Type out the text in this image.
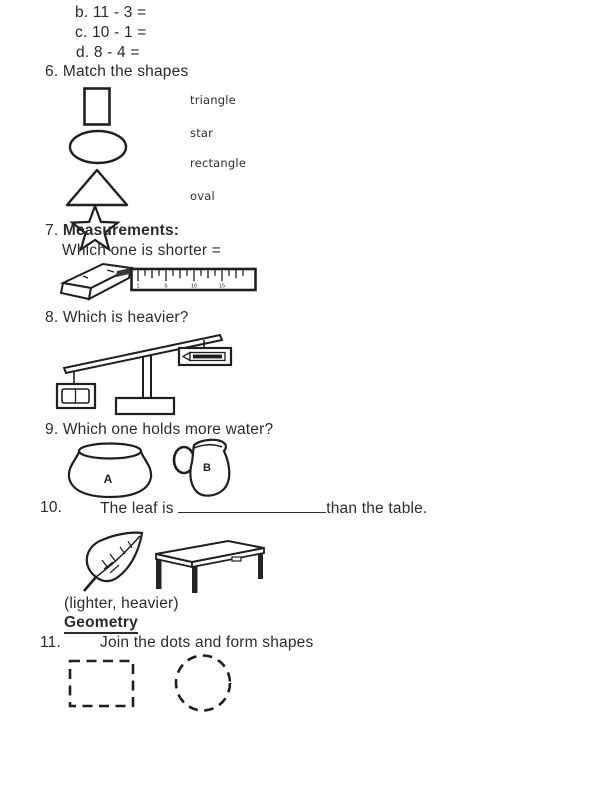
b. 11 - 3 =
c. 10 - 1 =
d. 8 - 4 =
6. Match the shapes
triangle
star
rectangle
oval
7. Measurements:
Which one is shorter =
1	5	10	15
8. Which is heavier?
9. Which one holds more water?
A
B
10. The leaf is	than the table.
(lighter, heavier)
Geometry
11.	Join the dots and form shapes
